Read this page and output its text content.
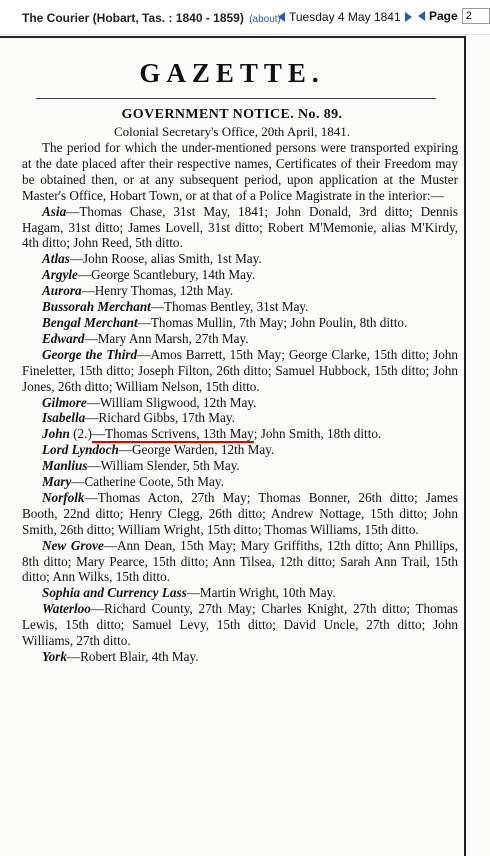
The Courier (Hobart, Tas. : 1840 - 1859) (about) Tuesday 4 May 1841 Page 2
GAZETTE.
GOVERNMENT NOTICE. No. 89.
Colonial Secretary's Office, 20th April, 1841.

The period for which the under-mentioned persons were transported expiring at the date placed after their respective names, Certificates of their Freedom may be obtained then, or at any subsequent period, upon application at the Muster Master's Office, Hobart Town, or at that of a Police Magistrate in the interior:—

Asia—Thomas Chase, 31st May, 1841; John Donald, 3rd ditto; Dennis Hagam, 31st ditto; James Lovell, 31st ditto; Robert M'Memonie, alias M'Kirdy, 4th ditto; John Reed, 5th ditto.

Atlas—John Roose, alias Smith, 1st May.

Argyle—George Scantlebury, 14th May.

Aurora—Henry Thomas, 12th May.

Bussorah Merchant—Thomas Bentley, 31st May.

Bengal Merchant—Thomas Mullin, 7th May; John Poulin, 8th ditto.

Edward—Mary Ann Marsh, 27th May.

George the Third—Amos Barrett, 15th May; George Clarke, 15th ditto; John Fineletter, 15th ditto; Joseph Filton, 26th ditto; Samuel Hubbock, 15th ditto; John Jones, 26th ditto; William Nelson, 15th ditto.

Gilmore—William Sligwood, 12th May.

Isabella—Richard Gibbs, 17th May.

John (2.)—Thomas Scrivens, 13th May; John Smith, 18th ditto.

Lord Lyndoch—George Warden, 12th May.

Manlius—William Slender, 5th May.

Mary—Catherine Coote, 5th May.

Norfolk—Thomas Acton, 27th May; Thomas Bonner, 26th ditto; James Booth, 22nd ditto; Henry Clegg, 26th ditto; Andrew Nottage, 15th ditto; John Smith, 26th ditto; William Wright, 15th ditto; Thomas Williams, 15th ditto.

New Grove—Ann Dean, 15th May; Mary Griffiths, 12th ditto; Ann Phillips, 8th ditto; Mary Pearce, 15th ditto; Ann Tilsea, 12th ditto; Sarah Ann Trail, 15th ditto; Ann Wilks, 15th ditto.

Sophia and Currency Lass—Martin Wright, 10th May.

Waterloo—Richard County, 27th May; Charles Knight, 27th ditto; Thomas Lewis, 15th ditto; Samuel Levy, 15th ditto; David Uncle, 27th ditto; John Williams, 27th ditto.

York—Robert Blair, 4th May.
